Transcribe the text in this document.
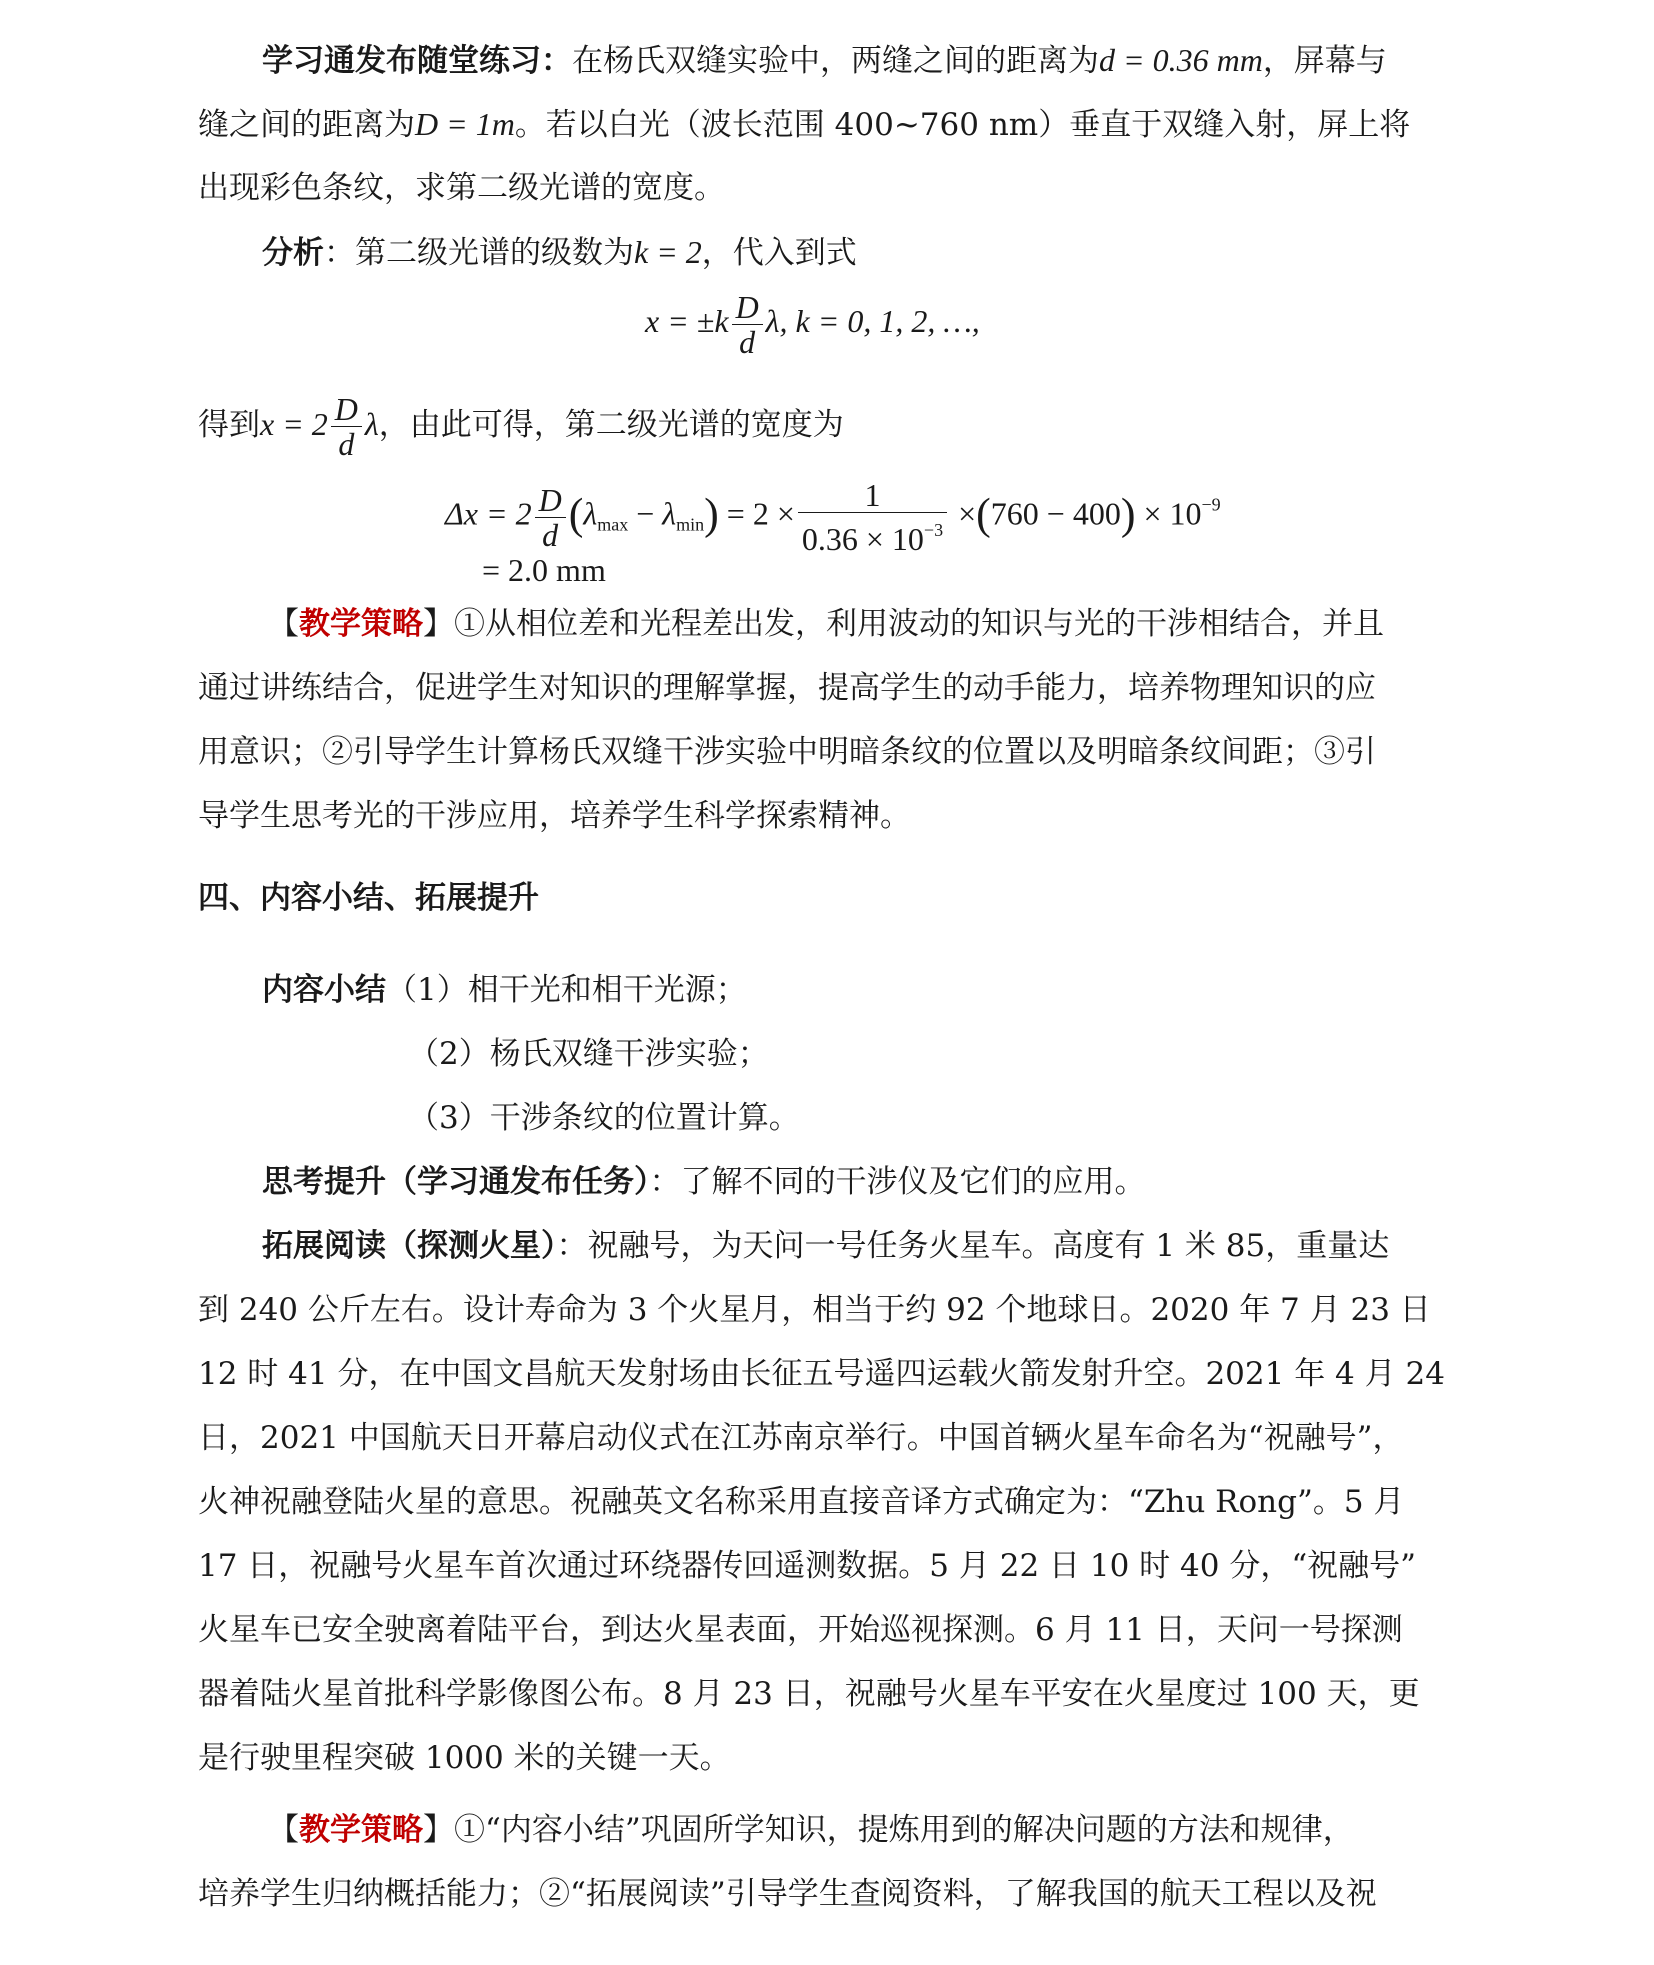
学习通发布随堂练习：在杨氏双缝实验中，两缝之间的距离为d = 0.36 mm，屏幕与
缝之间的距离为D = 1m。若以白光（波长范围 400~760 nm）垂直于双缝入射，屏上将
出现彩色条纹，求第二级光谱的宽度。
分析：第二级光谱的级数为k = 2，代入到式
$x = \pm k \frac{D}{d} \lambda$, k = 0, 1, 2, …,
得到$x = 2 \frac{D}{d}$ λ，由此可得，第二级光谱的宽度为
$\Delta x = 2 \frac{D}{d} (\lambda_{max} - \lambda_{min}) = 2 \times \frac{1}{0.36 \times 10^{-3}} \times(760 - 400) \times 10^{-9}$
= 2.0 mm
【教学策略】①从相位差和光程差出发，利用波动的知识与光的干涉相结合，并且
通过讲练结合，促进学生对知识的理解掌握，提高学生的动手能力，培养物理知识的应
用意识；②引导学生计算杨氏双缝干涉实验中明暗条纹的位置以及明暗条纹间距；③引
导学生思考光的干涉应用，培养学生科学探索精神。
四、内容小结、拓展提升
内容小结（1）相干光和相干光源；
（2）杨氏双缝干涉实验；
（3）干涉条纹的位置计算。
思考提升（学习通发布任务）：了解不同的干涉仪及它们的应用。
拓展阅读（探测火星）：祝融号，为天问一号任务火星车。高度有 1 米 85，重量达
到 240 公斤左右。设计寿命为 3 个火星月，相当于约 92 个地球日。2020 年 7 月 23 日
12 时 41 分，在中国文昌航天发射场由长征五号遥四运载火箭发射升空。2021 年 4 月 24
日，2021 中国航天日开幕启动仪式在江苏南京举行。中国首辆火星车命名为“祝融号”，
火神祝融登陆火星的意思。祝融英文名称采用直接音译方式确定为：“Zhu Rong”。5 月
17 日，祝融号火星车首次通过环绕器传回遥测数据。5 月 22 日 10 时 40 分，“祝融号”
火星车已安全驶离着陆平台，到达火星表面，开始巡视探测。6 月 11 日，天问一号探测
器着陆火星首批科学影像图公布。8 月 23 日，祝融号火星车平安在火星度过 100 天，更
是行驶里程突破 1000 米的关键一天。
【教学策略】①“内容小结”巩固所学知识，提炼用到的解决问题的方法和规律，
培养学生归纳概括能力；②“拓展阅读”引导学生查阅资料，了解我国的航天工程以及祝
